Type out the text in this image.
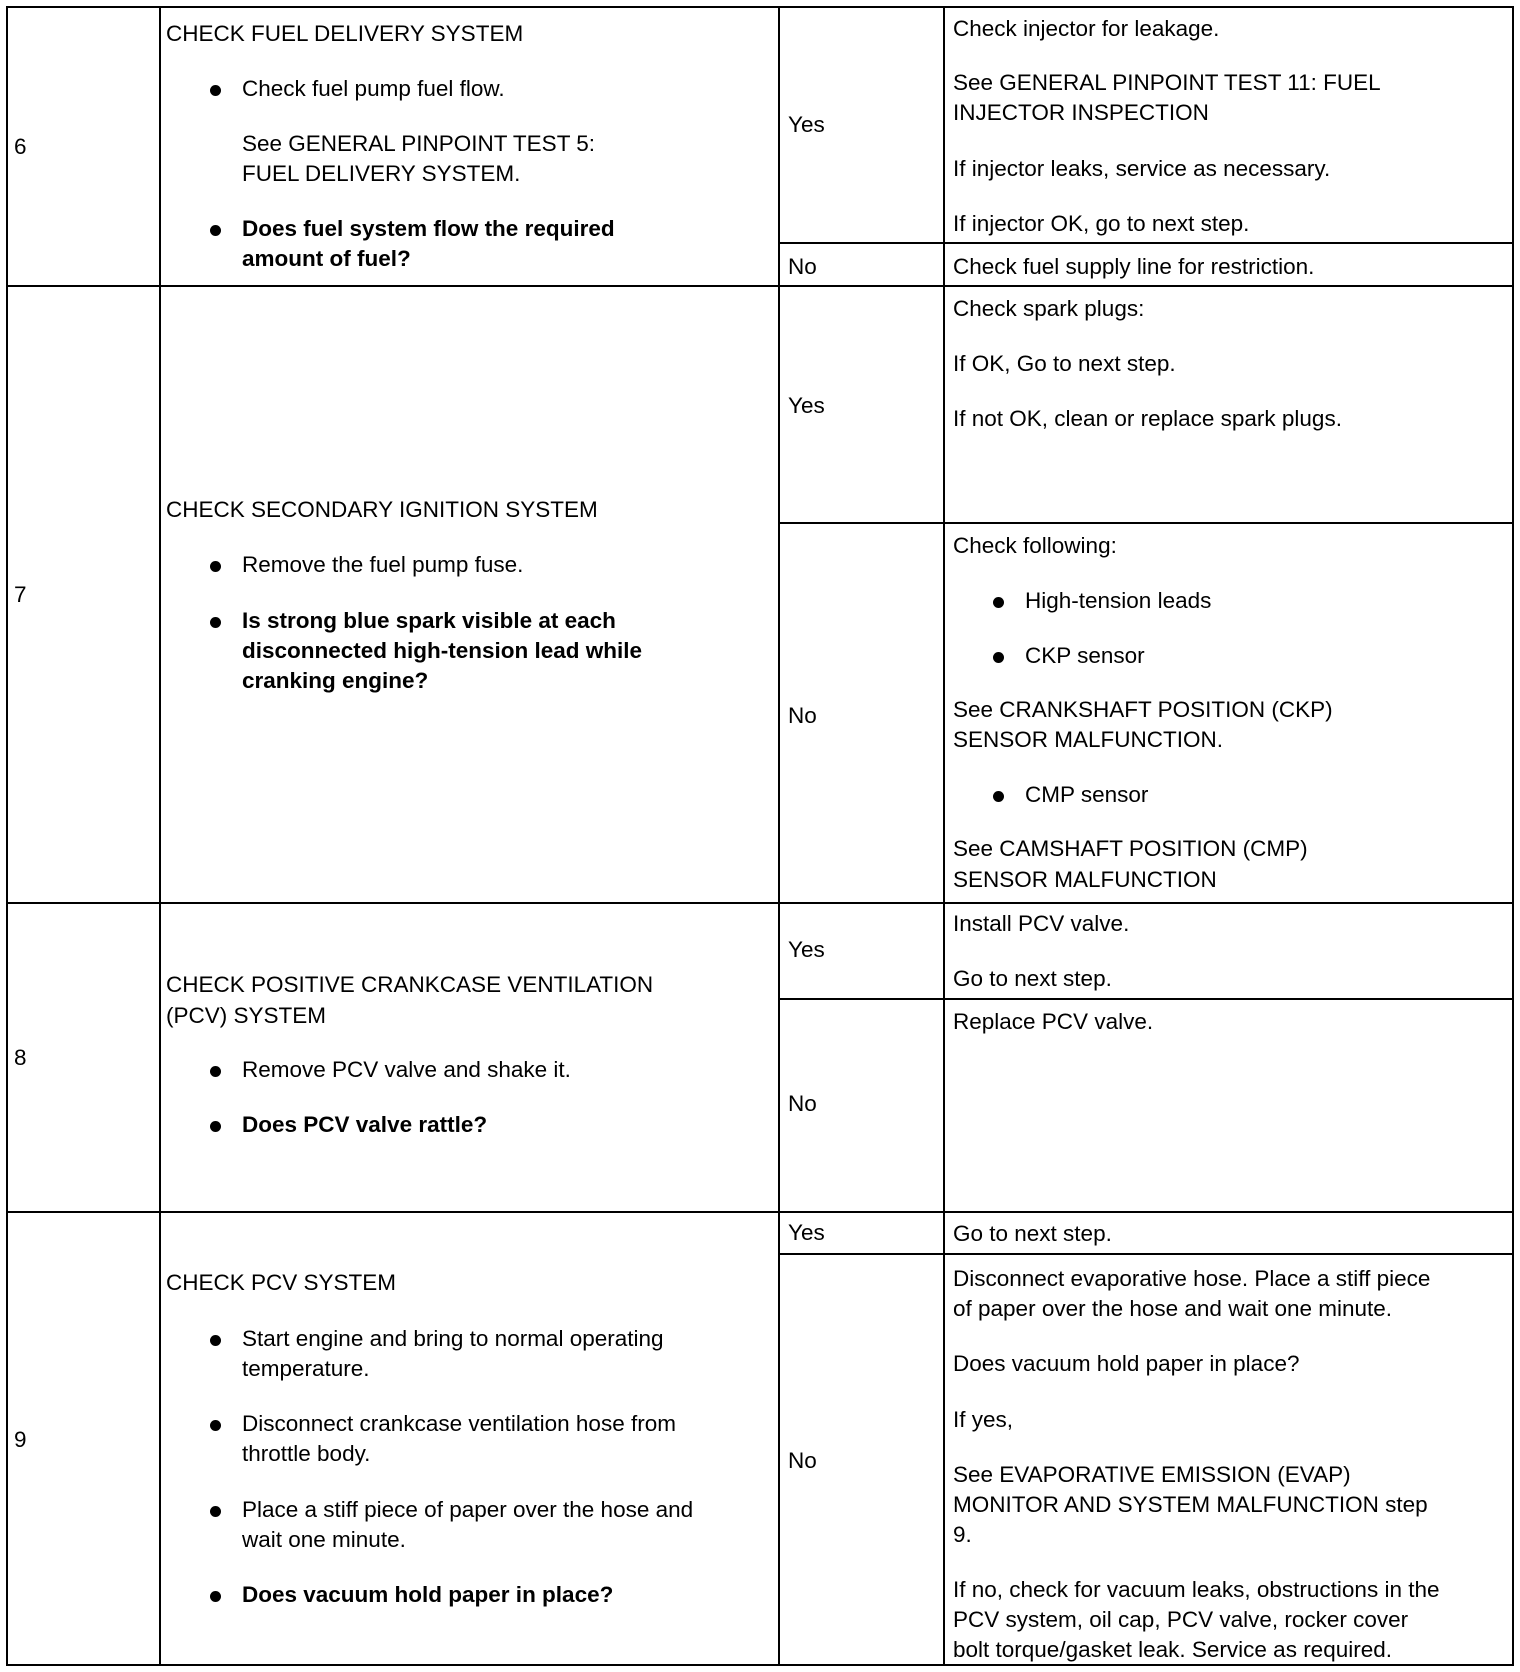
6
CHECK FUEL DELIVERY SYSTEM
Check fuel pump fuel flow.
See GENERAL PINPOINT TEST 5:
FUEL DELIVERY SYSTEM.
Does fuel system flow the required
amount of fuel?
Yes
Check injector for leakage.
See GENERAL PINPOINT TEST 11: FUEL
INJECTOR INSPECTION
If injector leaks, service as necessary.
If injector OK, go to next step.
No	Check fuel supply line for restriction.
7
CHECK SECONDARY IGNITION SYSTEM
Remove the fuel pump fuse.
Is strong blue spark visible at each
disconnected high-tension lead while
cranking engine?
Yes
Check spark plugs:
If OK, Go to next step.
If not OK, clean or replace spark plugs.
No
Check following:
High-tension leads
CKP sensor
See CRANKSHAFT POSITION (CKP)
SENSOR MALFUNCTION.
CMP sensor
See CAMSHAFT POSITION (CMP)
SENSOR MALFUNCTION
8
CHECK POSITIVE CRANKCASE VENTILATION
(PCV) SYSTEM
Remove PCV valve and shake it.
Does PCV valve rattle?
Yes
Install PCV valve.
Go to next step.
No
Replace PCV valve.
9
CHECK PCV SYSTEM
Start engine and bring to normal operating
temperature.
Disconnect crankcase ventilation hose from
throttle body.
Place a stiff piece of paper over the hose and
wait one minute.
Does vacuum hold paper in place?
Yes	Go to next step.
No
Disconnect evaporative hose. Place a stiff piece
of paper over the hose and wait one minute.
Does vacuum hold paper in place?
If yes,
See EVAPORATIVE EMISSION (EVAP)
MONITOR AND SYSTEM MALFUNCTION step
9.
If no, check for vacuum leaks, obstructions in the
PCV system, oil cap, PCV valve, rocker cover
bolt torque/gasket leak. Service as required.
